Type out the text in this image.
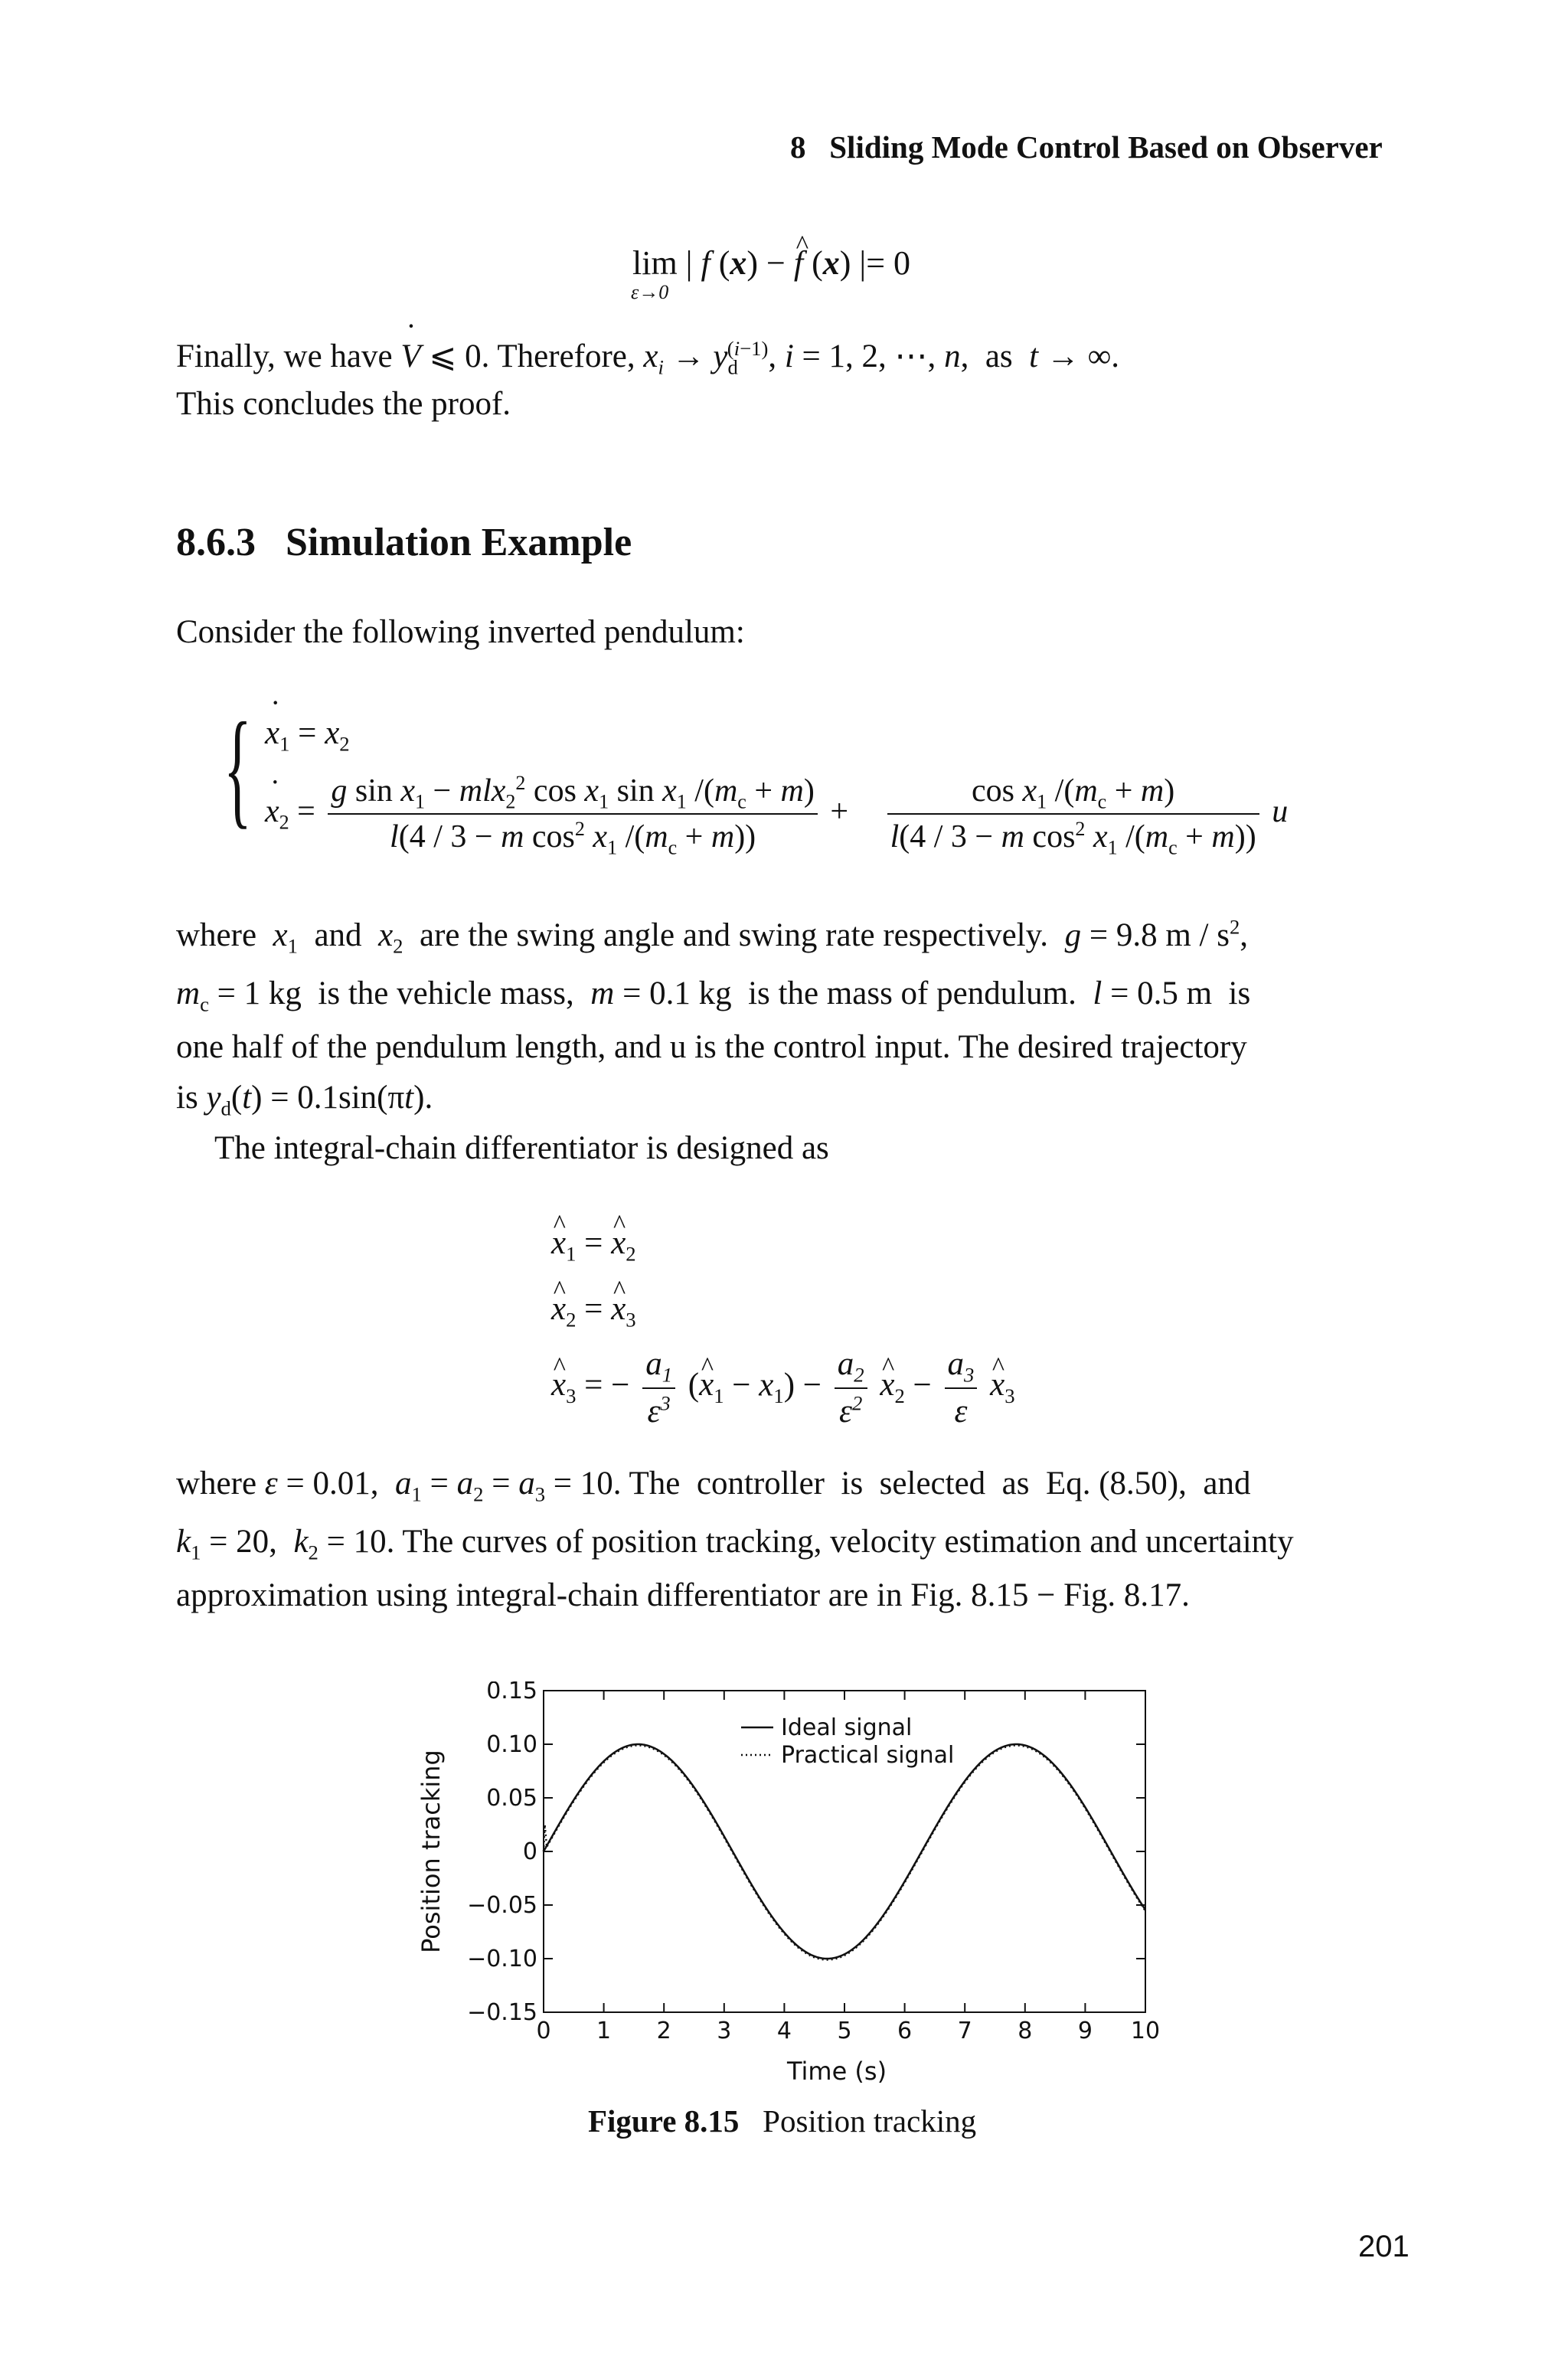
8 Sliding Mode Control Based on Observer
lim | f (x) − ^ f (x) |= 0
ε→0
Finally, we have ˙ V ⩽ 0. Therefore, $x_i \to y_d^{(i-1)}$, i = 1, 2, ⋯, n,  as  t → ∞.
This concludes the proof.
8.6.3 Simulation Example
Consider the following inverted pendulum:
{ ˙ $x_1 = x_2$
˙ $x_2 = \frac{g \sin x_1 - mlx_2^2 \cos x_1 \sin x_1 /(m_c + m)}{l(4 / 3 - m \cos^2 x_1 /(m_c + m))} + \frac{\cos x_1 /(m_c + m)}{l(4 / 3 - m \cos^2 x_1 /(m_c + m))}$ u
where  $x_1$  and  $x_2$  are the swing angle and swing rate respectively.  g = 9.8 m / $s^2$,
$m_c = 1$ kg  is the vehicle mass,  m = 0.1 kg  is the mass of pendulum.  l = 0.5 m  is
one half of the pendulum length, and u is the control input. The desired trajectory
is $y_d(t) = 0.1\sin(\pi t)$.
The integral-chain differentiator is designed as
^ $x_1$ = ^ $x_2$
^ $x_2$ = ^ $x_3$
^ $x_3$ = − $\frac{a_1}{\varepsilon^3}$ (^ $x_1 - x_1) - \frac{a_2}{\varepsilon^2}$ ^ $x_2 - \frac{a_3}{\varepsilon}$ ^ $x_3$
where ε = 0.01,  $a_1 = a_2 = a_3 = 10$. The  controller  is  selected  as  Eq. (8.50),  and
$k_1 = 20$,  $k_2 = 10$. The curves of position tracking, velocity estimation and uncertainty
approximation using integral-chain differentiator are in Fig. 8.15 − Fig. 8.17.
0.15
0.10
0.05
0
−0.05
−0.10
−0.15
0 1 2 3 4 5 6 7 8 9 10
Position tracking
Time (s)
Ideal signal
Practical signal
Figure 8.15 Position tracking
201
